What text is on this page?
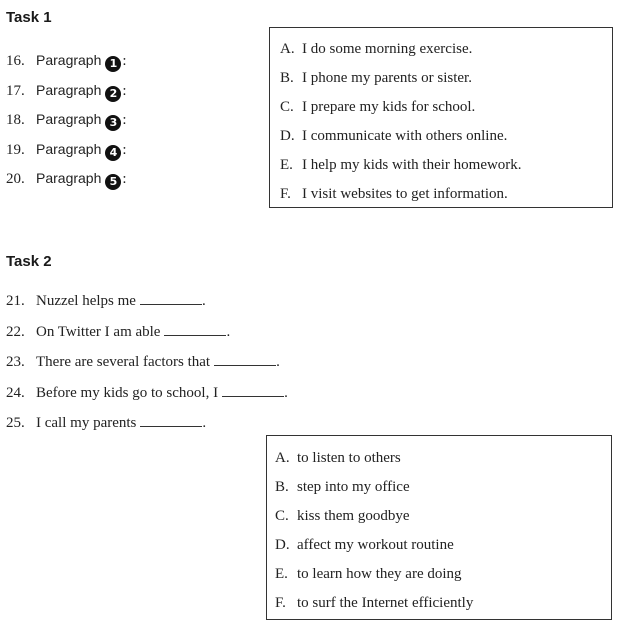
Task 1
16. Paragraph 1 :
17. Paragraph 2 :
18. Paragraph 3 :
19. Paragraph 4 :
20. Paragraph 5 :
A. I do some morning exercise.
B. I phone my parents or sister.
C. I prepare my kids for school.
D. I communicate with others online.
E. I help my kids with their homework.
F. I visit websites to get information.
Task 2
21. Nuzzel helps me	.
22. On Twitter I am able	.
23. There are several factors that	.
24. Before my kids go to school, I	.
25. I call my parents	.
A. to listen to others
B. step into my office
C. kiss them goodbye
D. affect my workout routine
E. to learn how they are doing
F. to surf the Internet efficiently
